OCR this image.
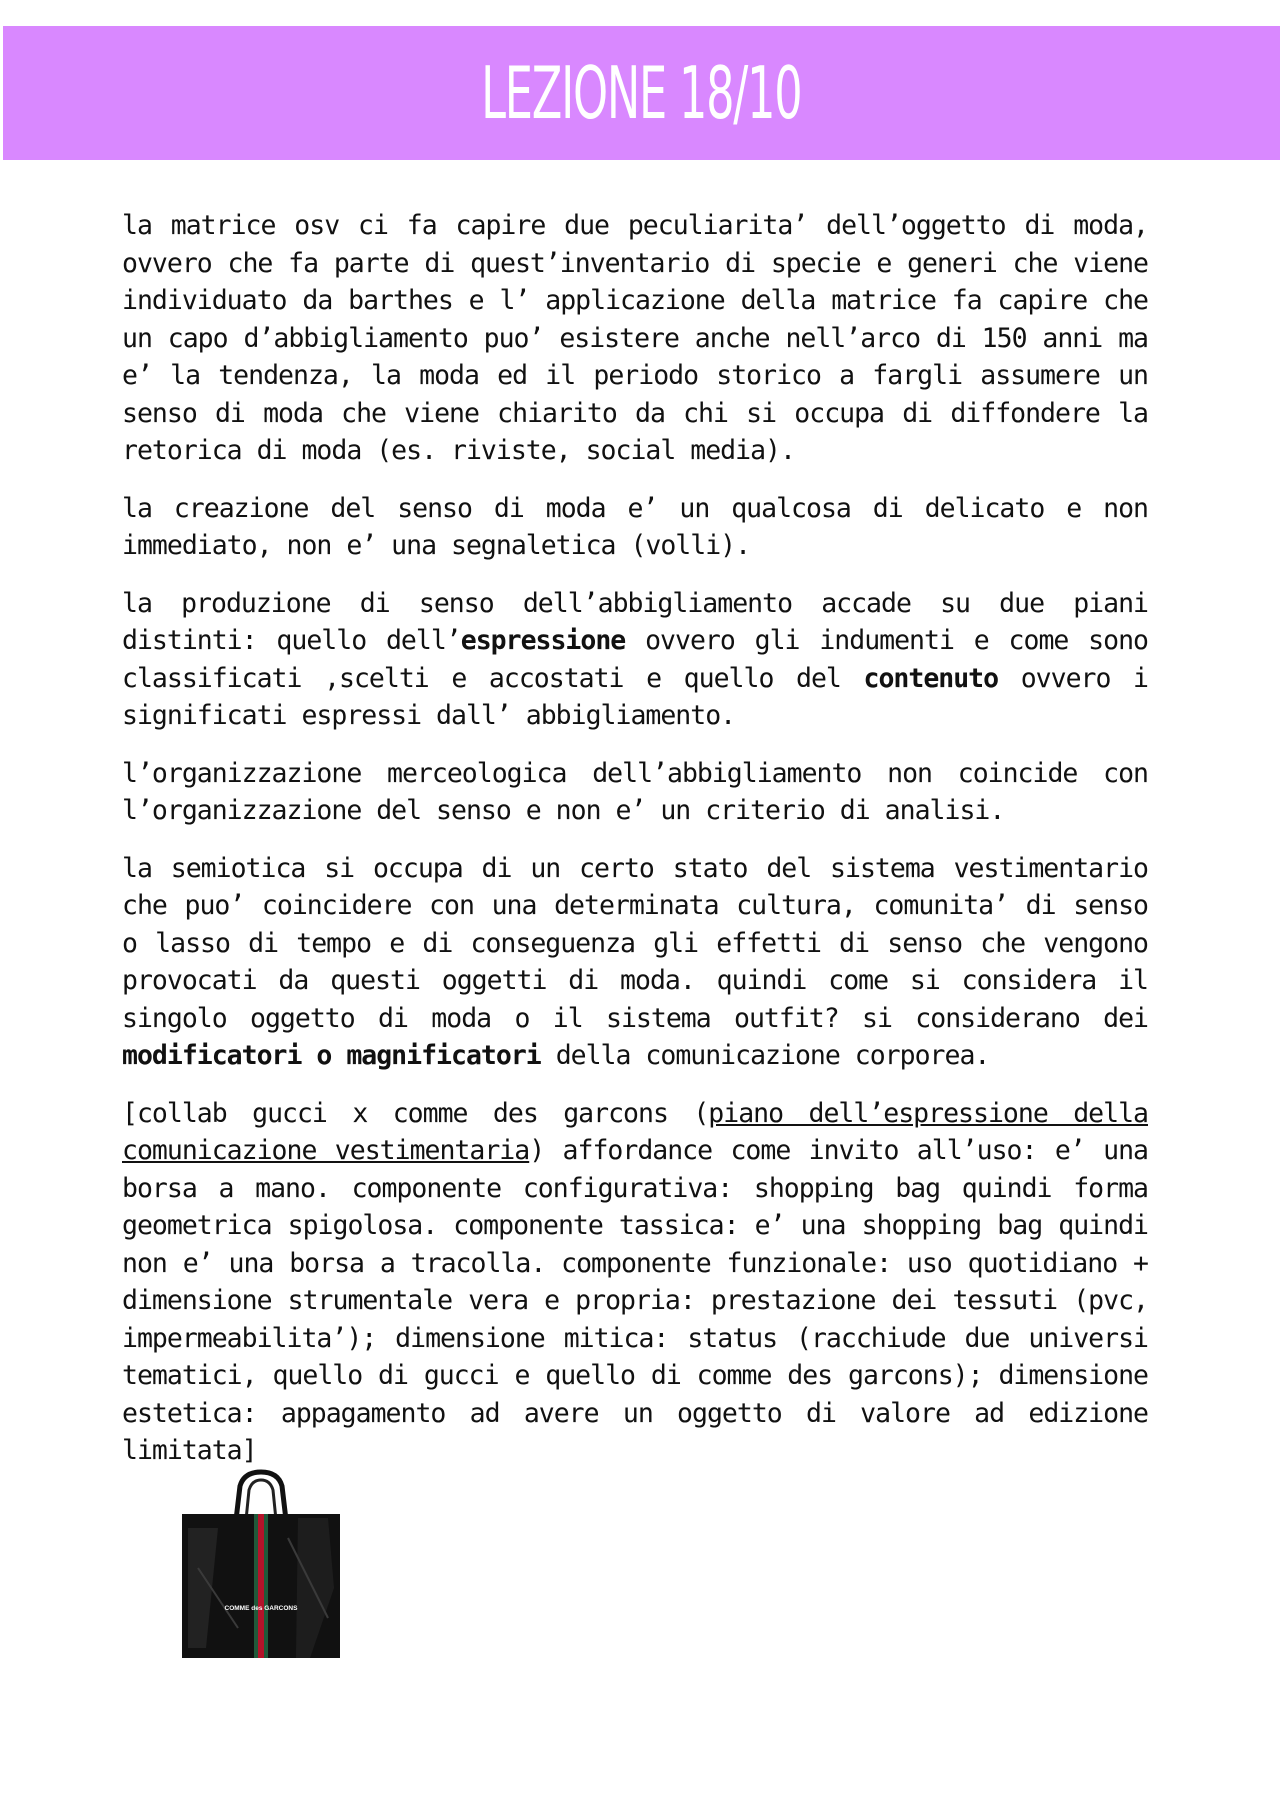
LEZIONE 18/10

la matrice osv ci fa capire due peculiarita’ dell’oggetto di moda, ovvero che fa parte di quest’inventario di specie e generi che viene individuato da barthes e l’ applicazione della matrice fa capire che un capo d’abbigliamento puo’ esistere anche nell’arco di 150 anni ma e’ la tendenza, la moda ed il periodo storico a fargli assumere un senso di moda che viene chiarito da chi si occupa di diffondere la retorica di moda (es. riviste, social media).

la creazione del senso di moda e’ un qualcosa di delicato e non immediato, non e’ una segnaletica (volli).

la produzione di senso dell’abbigliamento accade su due piani distinti: quello dell’espressione ovvero gli indumenti e come sono classificati ,scelti e accostati e quello del contenuto ovvero i significati espressi dall’ abbigliamento.

l’organizzazione merceologica dell’abbigliamento non coincide con l’organizzazione del senso e non e’ un criterio di analisi.

la semiotica si occupa di un certo stato del sistema vestimentario che puo’ coincidere con una determinata cultura, comunita’ di senso o lasso di tempo e di conseguenza gli effetti di senso che vengono provocati da questi oggetti di moda. quindi come si considera il singolo oggetto di moda o il sistema outfit? si considerano dei modificatori o magnificatori della comunicazione corporea.

[collab gucci x comme des garcons (piano dell’espressione della comunicazione vestimentaria) affordance come invito all’uso: e’ una borsa a mano. componente configurativa: shopping bag quindi forma geometrica spigolosa. componente tassica: e’ una shopping bag quindi non e’ una borsa a tracolla. componente funzionale: uso quotidiano + dimensione strumentale vera e propria: prestazione dei tessuti (pvc, impermeabilita’); dimensione mitica: status (racchiude due universi tematici, quello di gucci e quello di comme des garcons); dimensione estetica: appagamento ad avere un oggetto di valore ad edizione limitata]

COMME des GARCONS
